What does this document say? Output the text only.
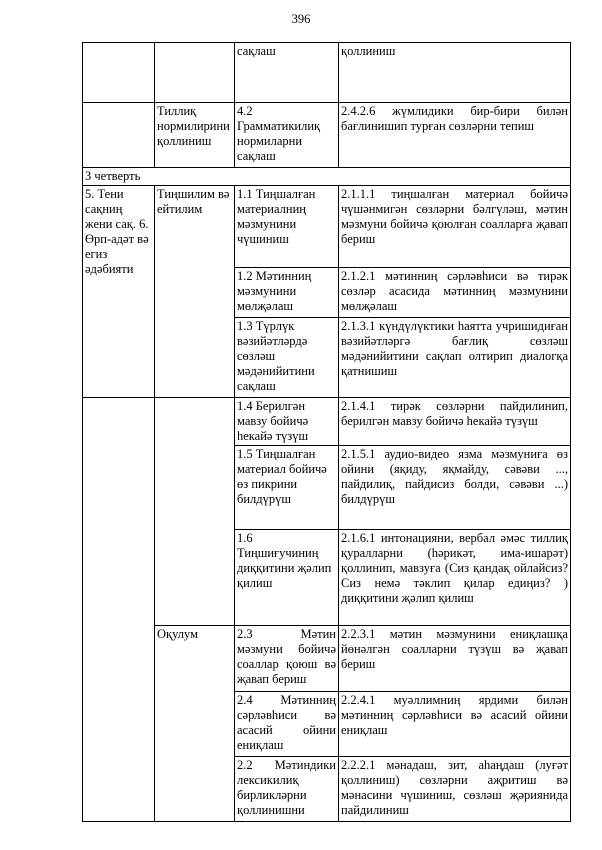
396
		сақлаш	қоллиниш
	Тиллиқ нормилирини қоллиниш	4.2 Грамматикилиқ нормиларни сақлаш	2.4.2.6 жүмлидики бир-бири билән бағлинишип турған сөзләрни тепиш
3 четверть			
5. Тени сақниң жени сақ. 6. Өрп-адәт вә егиз әдәбияти	Тиңшилим вә ейтилим	1.1 Тиңшалған материалниң мәзмунини чүшиниш	2.1.1.1 тиңшалған материал бойичә чүшәнмигән сөзләрни бәлгүләш, мәтин мәзмуни бойичә қоюлған соалларға җавап бериш
		1.2 Мәтинниң мәзмунини мөлҗәлаш	2.1.2.1 мәтинниң сәрләвһиси вә тирәк сөзләр асасида мәтинниң мәзмунини мөлҗәлаш
		1.3 Түрлүк вәзийәтләрдә сөзләш мәдәнийитини сақлаш	2.1.3.1 күндүлүктики һаятта учришидиған вәзийәтләргә бағлиқ сөзләш мәдәнийитини сақлап олтирип диалогқа қатнишиш
		1.4 Берилгән мавзу бойичә һекайә түзүш	2.1.4.1 тирәк сөзләрни пайдилинип, берилгән мавзу бойичә һекайә түзүш
		1.5 Тиңшалған материал бойичә өз пикрини билдүрүш	2.1.5.1 аудио-видео язма мәзмуниға өз ойини (яқиду, яқмайду, сәвәви ..., пайдилиқ, пайдисиз болди, сәвәви ...) билдүрүш
		1.6 Тиңшиғучиниң диққитини җәлип қилиш	2.1.6.1 интонацияни, вербал әмәс тиллиқ қуралларни (һәрикәт, има-ишарәт) қоллинип, мавзуға (Сиз қандақ ойлайсиз? Сиз немә тәклип қилар едиңиз? ) диққитини җәлип қилиш
	Оқулум	2.3 Мәтин мәзмуни бойичә соаллар қоюш вә җавап бериш	2.2.3.1 мәтин мәзмунини ениқлашқа йөнәлгән соалларни түзүш вә җавап бериш
		2.4 Мәтинниң сәрләвһиси вә асасий ойини ениқлаш	2.2.4.1 муәллимниң ярдими билән мәтинниң сәрләвһиси вә асасий ойини ениқлаш
		2.2 Мәтиндики лексикилиқ бирликләрни қоллинишни	2.2.2.1 мәнадаш, зит, аһаңдаш (луғәт қоллиниш) сөзләрни аҗритиш вә мәнасини чүшиниш, сөзләш җәриянида пайдилиниш
